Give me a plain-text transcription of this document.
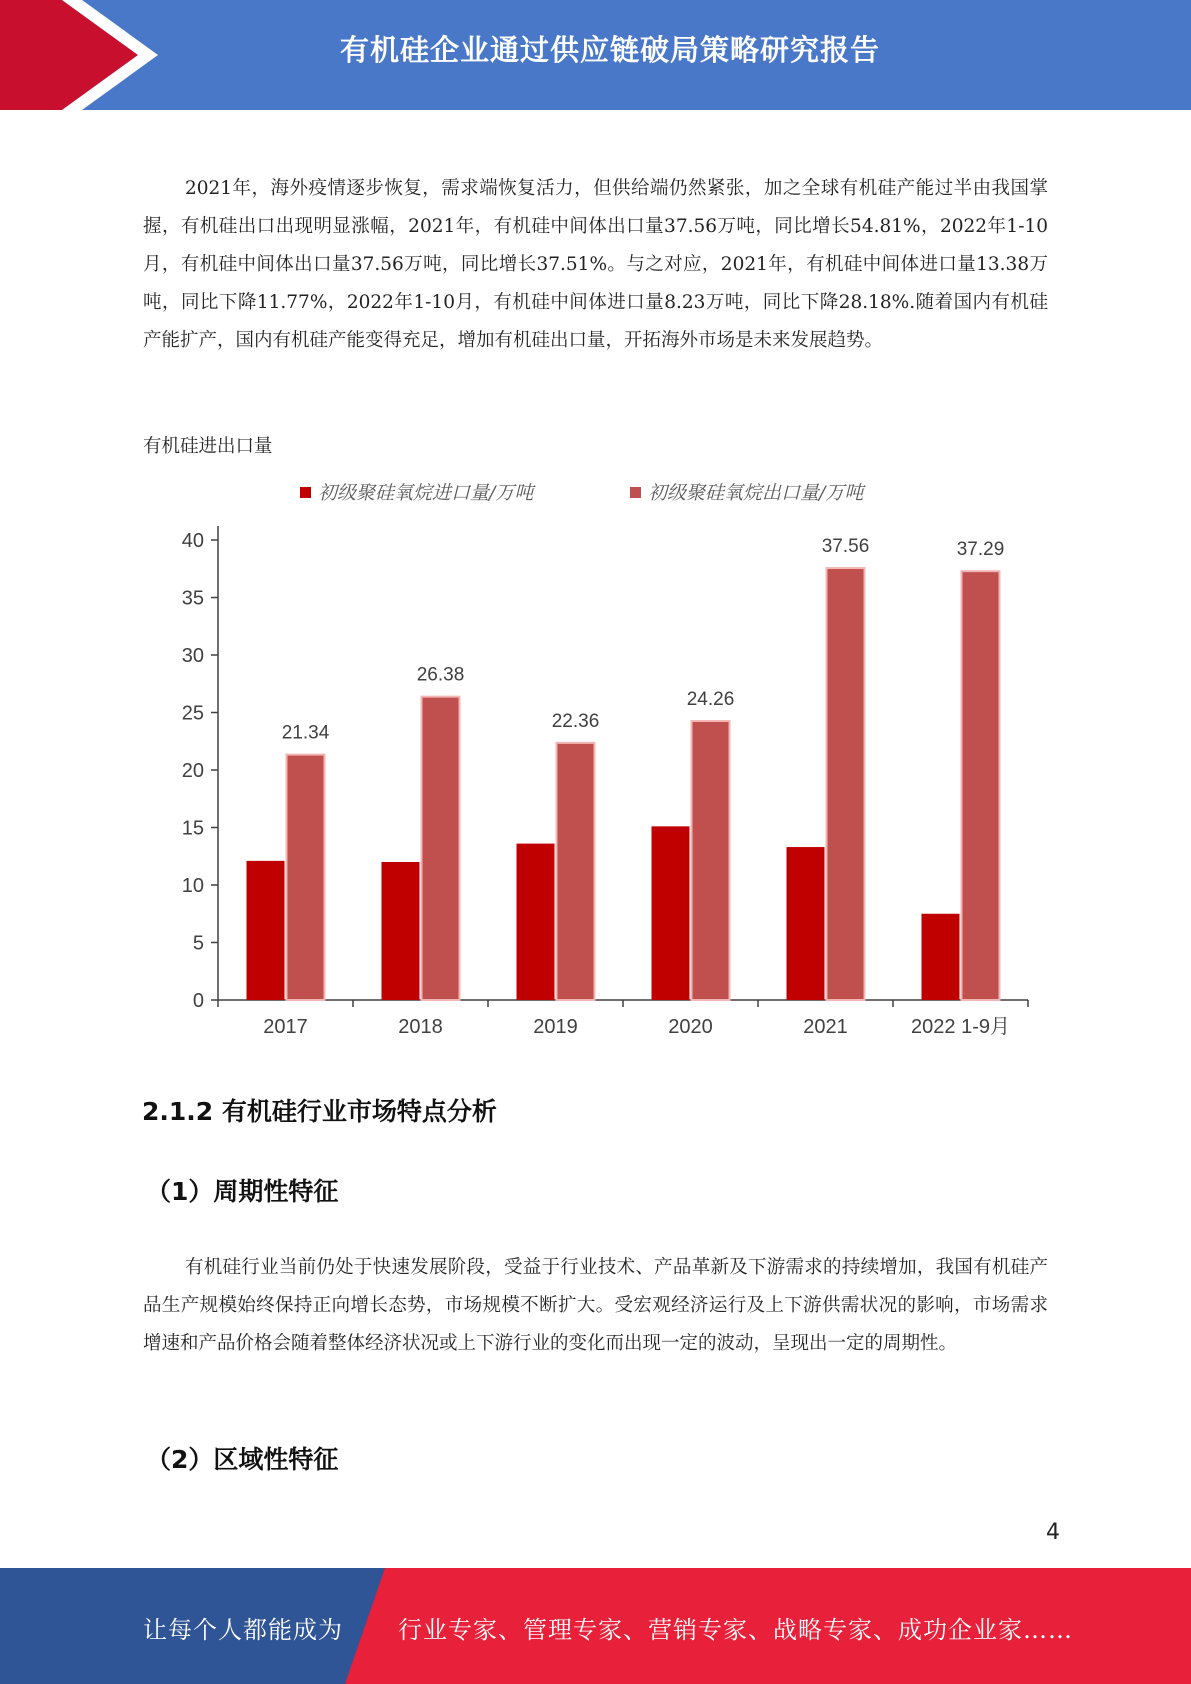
有机硅企业通过供应链破局策略研究报告

2021年，海外疫情逐步恢复，需求端恢复活力，但供给端仍然紧张，加之全球有机硅产能过半由我国掌握，有机硅出口出现明显涨幅，2021年，有机硅中间体出口量37.56万吨，同比增长54.81%，2022年1-10月，有机硅中间体出口量37.56万吨，同比增长37.51%。与之对应，2021年，有机硅中间体进口量13.38万吨，同比下降11.77%，2022年1-10月，有机硅中间体进口量8.23万吨，同比下降28.18%.随着国内有机硅产能扩产，国内有机硅产能变得充足，增加有机硅出口量，开拓海外市场是未来发展趋势。

有机硅进出口量
初级聚硅氧烷进口量/万吨	初级聚硅氧烷出口量/万吨
0
5
10
15
20
25
30
35
40
2017	2018	2019	2020	2021	2022 1-9月
21.34
26.38
22.36
24.26
37.56	37.29
2.1.2 有机硅行业市场特点分析
（1）周期性特征

有机硅行业当前仍处于快速发展阶段，受益于行业技术、产品革新及下游需求的持续增加，我国有机硅产品生产规模始终保持正向增长态势，市场规模不断扩大。受宏观经济运行及上下游供需状况的影响，市场需求增速和产品价格会随着整体经济状况或上下游行业的变化而出现一定的波动，呈现出一定的周期性。

（2）区域性特征
4
让每个人都能成为 行业专家、管理专家、营销专家、战略专家、成功企业家……
